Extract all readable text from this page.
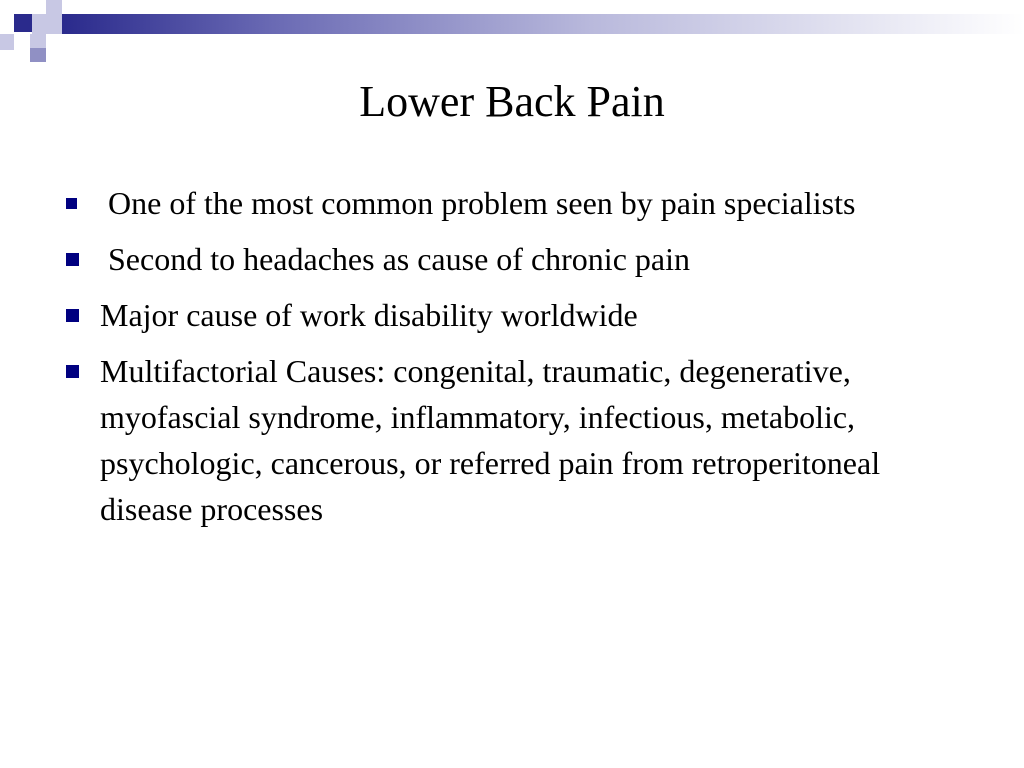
Lower Back Pain
One of the most common problem seen by pain specialists
Second to headaches as cause of chronic pain
Major cause of work disability worldwide
Multifactorial Causes: congenital, traumatic, degenerative, myofascial syndrome, inflammatory, infectious, metabolic, psychologic, cancerous, or referred pain from retroperitoneal disease processes
